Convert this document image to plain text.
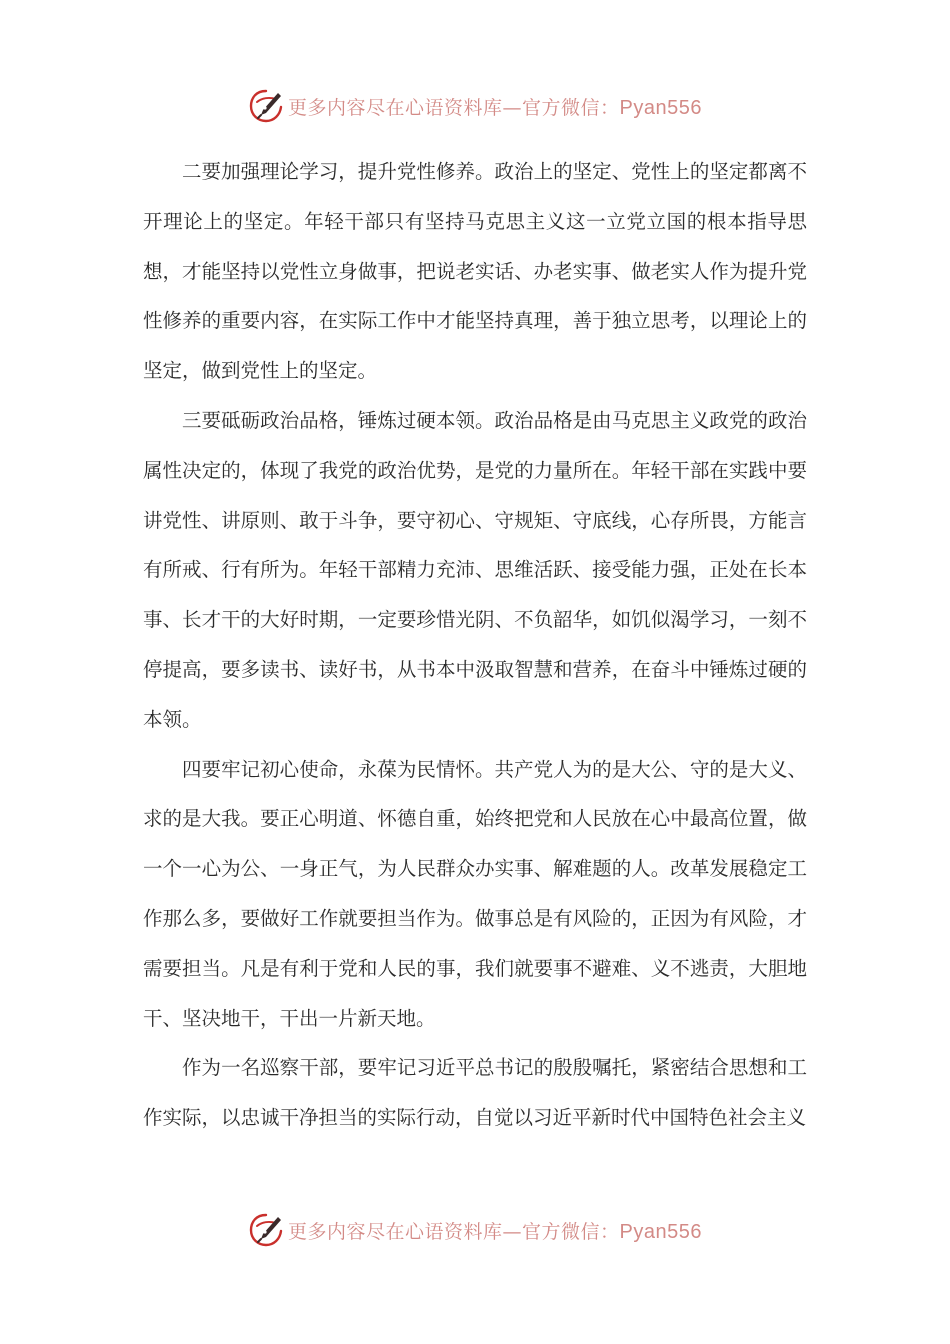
更多内容尽在心语资料库—官方微信：Pyan556

二要加强理论学习，提升党性修养。政治上的坚定、党性上的坚定都离不开理论上的坚定。年轻干部只有坚持马克思主义这一立党立国的根本指导思想，才能坚持以党性立身做事，把说老实话、办老实事、做老实人作为提升党性修养的重要内容，在实际工作中才能坚持真理，善于独立思考，以理论上的坚定，做到党性上的坚定。

三要砥砺政治品格，锤炼过硬本领。政治品格是由马克思主义政党的政治属性决定的，体现了我党的政治优势，是党的力量所在。年轻干部在实践中要讲党性、讲原则、敢于斗争，要守初心、守规矩、守底线，心存所畏，方能言有所戒、行有所为。年轻干部精力充沛、思维活跃、接受能力强，正处在长本事、长才干的大好时期，一定要珍惜光阴、不负韶华，如饥似渴学习，一刻不停提高，要多读书、读好书，从书本中汲取智慧和营养，在奋斗中锤炼过硬的本领。

四要牢记初心使命，永葆为民情怀。共产党人为的是大公、守的是大义、求的是大我。要正心明道、怀德自重，始终把党和人民放在心中最高位置，做一个一心为公、一身正气，为人民群众办实事、解难题的人。改革发展稳定工作那么多，要做好工作就要担当作为。做事总是有风险的，正因为有风险，才需要担当。凡是有利于党和人民的事，我们就要事不避难、义不逃责，大胆地干、坚决地干，干出一片新天地。

作为一名巡察干部，要牢记习近平总书记的殷殷嘱托，紧密结合思想和工作实际，以忠诚干净担当的实际行动，自觉以习近平新时代中国特色社会主义

更多内容尽在心语资料库—官方微信：Pyan556
